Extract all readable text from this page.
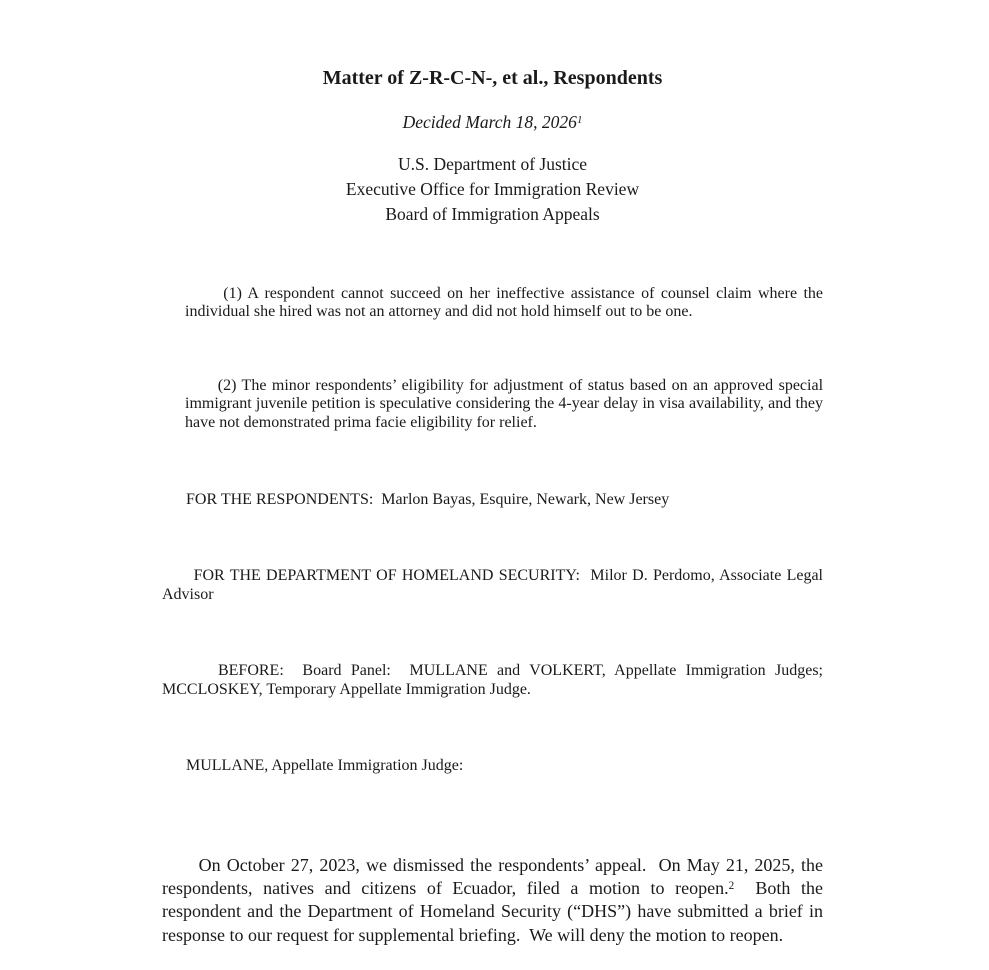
Matter of Z-R-C-N-, et al., Respondents
Decided March 18, 2026$^1$
U.S. Department of Justice
Executive Office for Immigration Review
Board of Immigration Appeals

(1) A respondent cannot succeed on her ineffective assistance of counsel claim where the individual she hired was not an attorney and did not hold himself out to be one.

(2) The minor respondents’ eligibility for adjustment of status based on an approved special immigrant juvenile petition is speculative considering the 4-year delay in visa availability, and they have not demonstrated prima facie eligibility for relief.

FOR THE RESPONDENTS:  Marlon Bayas, Esquire, Newark, New Jersey

FOR THE DEPARTMENT OF HOMELAND SECURITY:  Milor D. Perdomo, Associate Legal Advisor

BEFORE:  Board Panel:  MULLANE and VOLKERT, Appellate Immigration Judges; MCCLOSKEY, Temporary Appellate Immigration Judge.

MULLANE, Appellate Immigration Judge:

On October 27, 2023, we dismissed the respondents’ appeal.  On May 21, 2025, the respondents, natives and citizens of Ecuador, filed a motion to reopen.$^2$  Both the respondent and the Department of Homeland Security (“DHS”) have submitted a brief in response to our request for supplemental briefing.  We will deny the motion to reopen.
